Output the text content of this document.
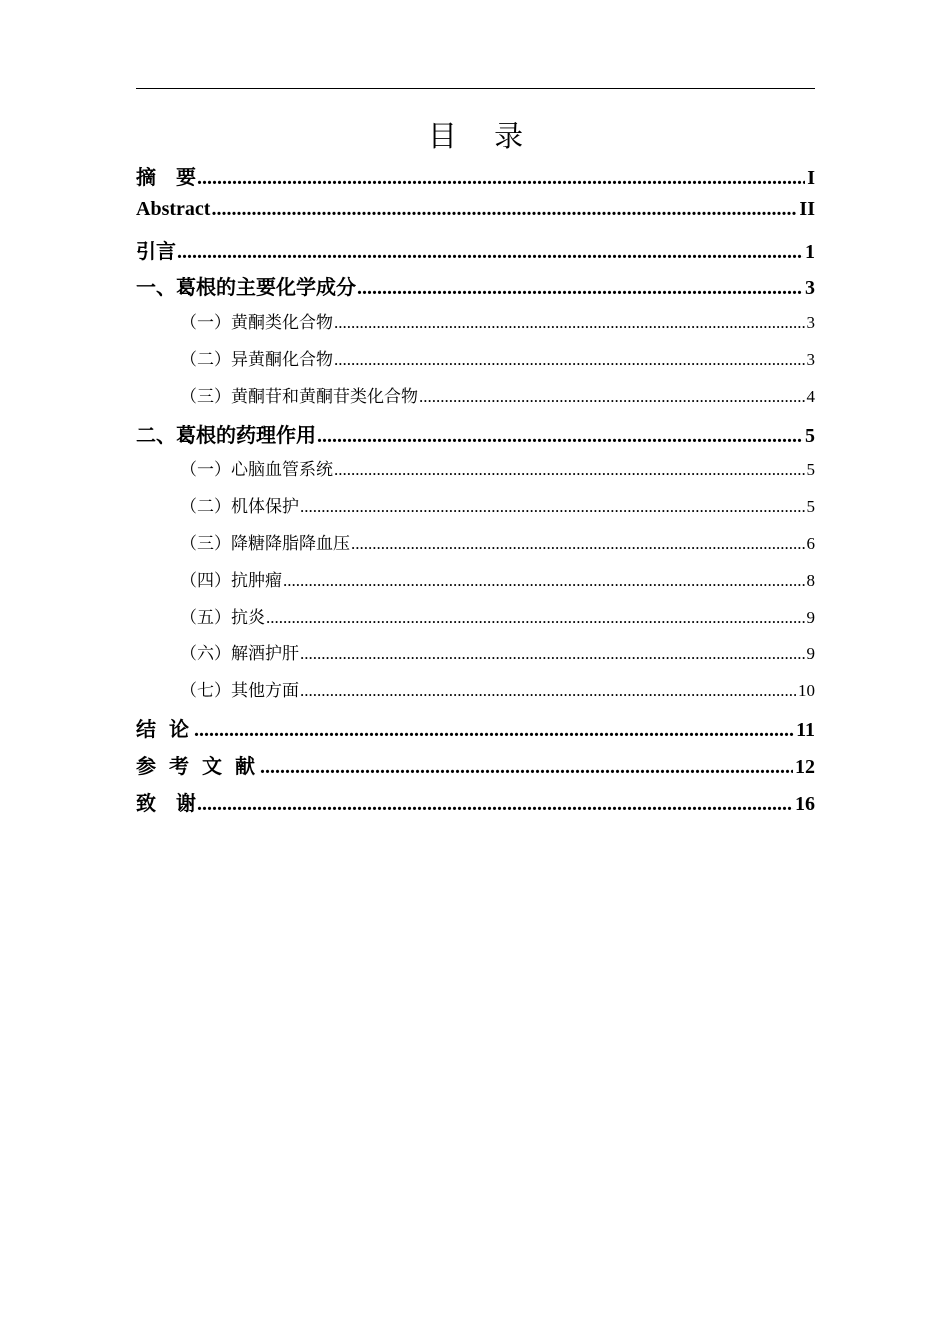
目 录
摘　要 .....	I
Abstract .....	II
引言 .....	1
一、 葛根的主要化学成分 .....	3
（一） 黄酮类化合物 .....	3
（二） 异黄酮化合物 .....	3
（三） 黄酮苷和黄酮苷类化合物 .....	4
二、 葛根的药理作用 .....	5
（一） 心脑血管系统 .....	5
（二） 机体保护 .....	5
（三） 降糖降脂降血压 .....	6
（四） 抗肿瘤 .....	8
（五） 抗炎 .....	9
（六） 解酒护肝 .....	9
（七） 其他方面 .....	10
结 论 .....	11
参 考 文 献 .....	12
致　谢 .....	16
